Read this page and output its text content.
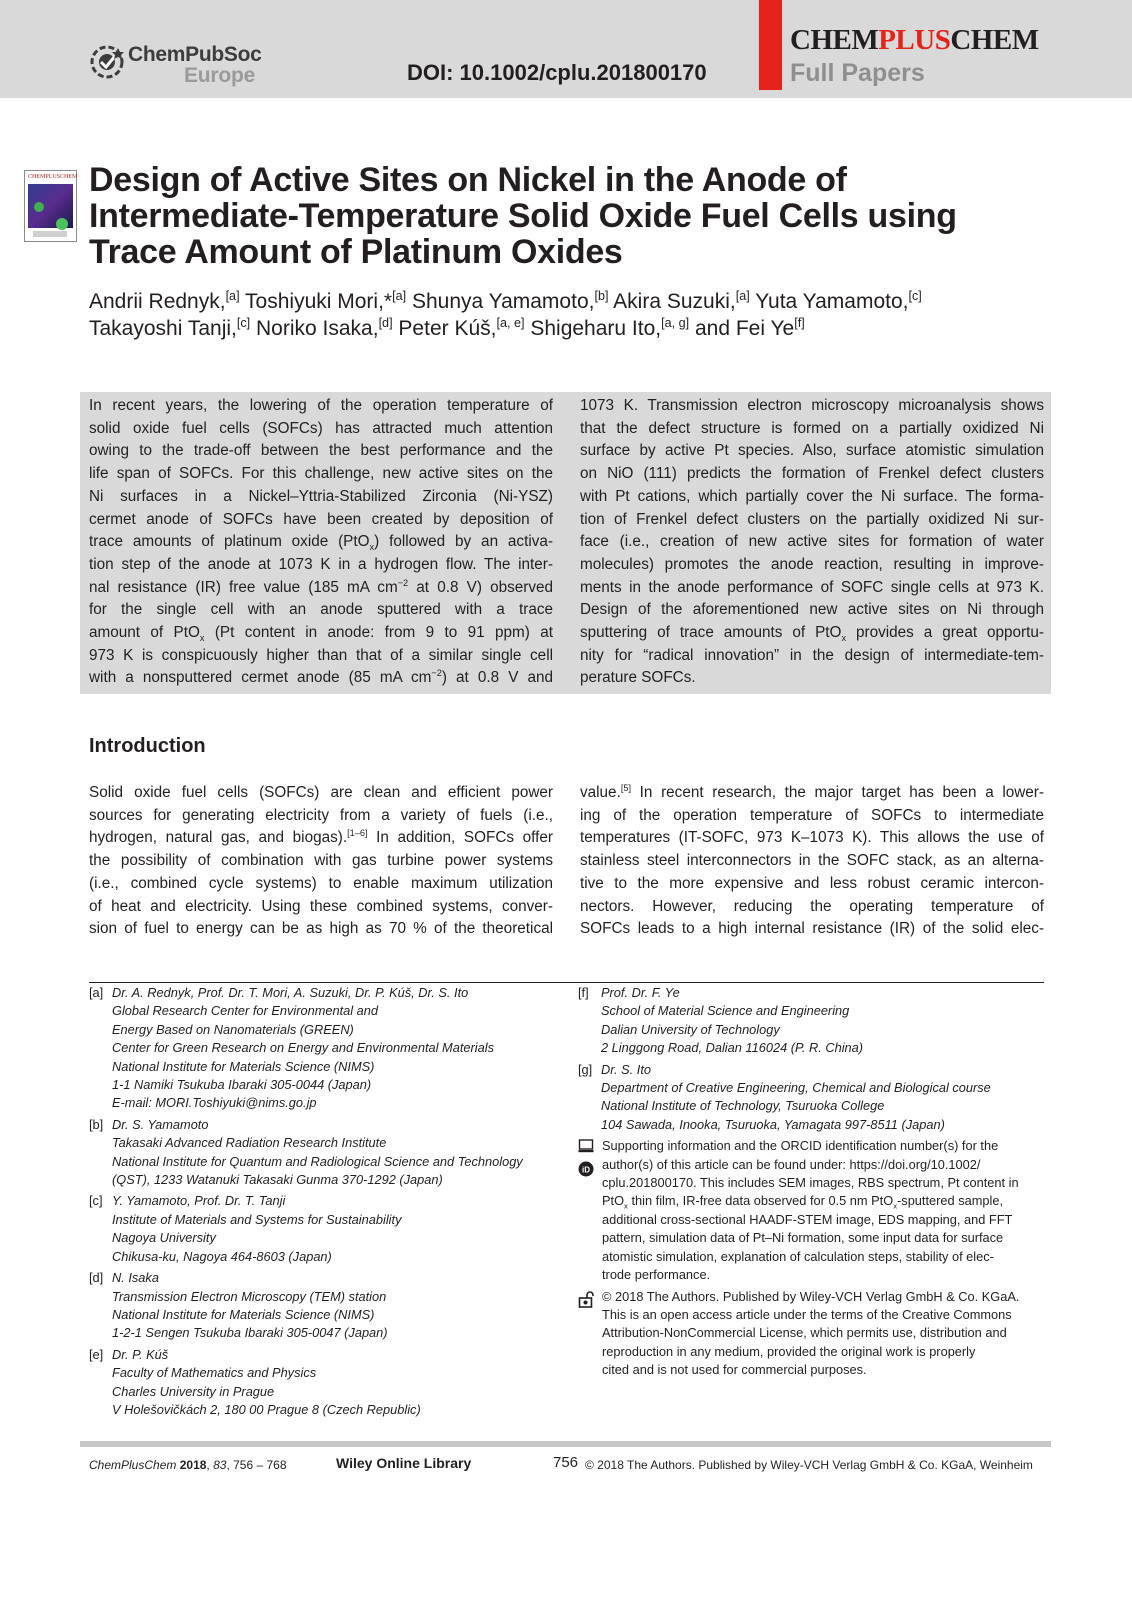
ChemPubSoc
Europe	DOI: 10.1002/cplu.201800170
CHEMPLUSCHEM
Full Papers
CHEMPLUSCHEM Design of Active Sites on Nickel in the Anode of
Intermediate-Temperature Solid Oxide Fuel Cells using
Trace Amount of Platinum Oxides
Andrii Rednyk,[a] Toshiyuki Mori,*[a] Shunya Yamamoto,[b] Akira Suzuki,[a] Yuta Yamamoto,[c]
Takayoshi Tanji,[c] Noriko Isaka,[d] Peter Kúš,[a, e] Shigeharu Ito,[a, g] and Fei Ye[f]
In recent years, the lowering of the operation temperature of
solid oxide fuel cells (SOFCs) has attracted much attention
owing to the trade-off between the best performance and the
life span of SOFCs. For this challenge, new active sites on the
Ni surfaces in a Nickel–Yttria-Stabilized Zirconia (Ni-YSZ)
cermet anode of SOFCs have been created by deposition of
trace amounts of platinum oxide (PtO$_x$) followed by an activa-
tion step of the anode at 1073 K in a hydrogen flow. The inter-
nal resistance (IR) free value (185 mA $cm^{-2}$ at 0.8 V) observed
for the single cell with an anode sputtered with a trace
amount of PtO$_x$ (Pt content in anode: from 9 to 91 ppm) at
973 K is conspicuously higher than that of a similar single cell
with a nonsputtered cermet anode (85 mA $cm^{-2}$) at 0.8 V and
1073 K. Transmission electron microscopy microanalysis shows
that the defect structure is formed on a partially oxidized Ni
surface by active Pt species. Also, surface atomistic simulation
on NiO (111) predicts the formation of Frenkel defect clusters
with Pt cations, which partially cover the Ni surface. The forma-
tion of Frenkel defect clusters on the partially oxidized Ni sur-
face (i.e., creation of new active sites for formation of water
molecules) promotes the anode reaction, resulting in improve-
ments in the anode performance of SOFC single cells at 973 K.
Design of the aforementioned new active sites on Ni through
sputtering of trace amounts of PtO$_x$ provides a great opportu-
nity for “radical innovation” in the design of intermediate-tem-
perature SOFCs.
Introduction
Solid oxide fuel cells (SOFCs) are clean and efficient power
sources for generating electricity from a variety of fuels (i.e.,
hydrogen, natural gas, and biogas).[1–6] In addition, SOFCs offer
the possibility of combination with gas turbine power systems
(i.e., combined cycle systems) to enable maximum utilization
of heat and electricity. Using these combined systems, conver-
sion of fuel to energy can be as high as 70 % of the theoretical
value.[5] In recent research, the major target has been a lower-
ing of the operation temperature of SOFCs to intermediate
temperatures (IT-SOFC, 973 K–1073 K). This allows the use of
stainless steel interconnectors in the SOFC stack, as an alterna-
tive to the more expensive and less robust ceramic intercon-
nectors. However, reducing the operating temperature of
SOFCs leads to a high internal resistance (IR) of the solid elec-
[a] Dr. A. Rednyk, Prof. Dr. T. Mori, A. Suzuki, Dr. P. Kúš, Dr. S. Ito
Global Research Center for Environmental and
Energy Based on Nanomaterials (GREEN)
Center for Green Research on Energy and Environmental Materials
National Institute for Materials Science (NIMS)
1-1 Namiki Tsukuba Ibaraki 305-0044 (Japan)
E-mail: MORI.Toshiyuki@nims.go.jp
[b] Dr. S. Yamamoto
Takasaki Advanced Radiation Research Institute
National Institute for Quantum and Radiological Science and Technology
(QST), 1233 Watanuki Takasaki Gunma 370-1292 (Japan)
[c] Y. Yamamoto, Prof. Dr. T. Tanji
Institute of Materials and Systems for Sustainability
Nagoya University
Chikusa-ku, Nagoya 464-8603 (Japan)
[d] N. Isaka
Transmission Electron Microscopy (TEM) station
National Institute for Materials Science (NIMS)
1-2-1 Sengen Tsukuba Ibaraki 305-0047 (Japan)
[e] Dr. P. Kúš
Faculty of Mathematics and Physics
Charles University in Prague
V Holešovičkách 2, 180 00 Prague 8 (Czech Republic)
[f] Prof. Dr. F. Ye
School of Material Science and Engineering
Dalian University of Technology
2 Linggong Road, Dalian 116024 (P. R. China)
[g] Dr. S. Ito
Department of Creative Engineering, Chemical and Biological course
National Institute of Technology, Tsuruoka College
104 Sawada, Inooka, Tsuruoka, Yamagata 997-8511 (Japan)

iD
Supporting information and the ORCID identification number(s) for the
author(s) of this article can be found under: https://doi.org/10.1002/
cplu.201800170. This includes SEM images, RBS spectrum, Pt content in
PtO$_x$ thin film, IR-free data observed for 0.5 nm PtO$_x$-sputtered sample,
additional cross-sectional HAADF-STEM image, EDS mapping, and FFT
pattern, simulation data of Pt–Ni formation, some input data for surface
atomistic simulation, explanation of calculation steps, stability of elec-
trode performance.
© 2018 The Authors. Published by Wiley-VCH Verlag GmbH & Co. KGaA.
This is an open access article under the terms of the Creative Commons
Attribution-NonCommercial License, which permits use, distribution and
reproduction in any medium, provided the original work is properly
cited and is not used for commercial purposes.
ChemPlusChem 2018, 83, 756 – 768	Wiley Online Library	756 © 2018 The Authors. Published by Wiley-VCH Verlag GmbH & Co. KGaA, Weinheim
